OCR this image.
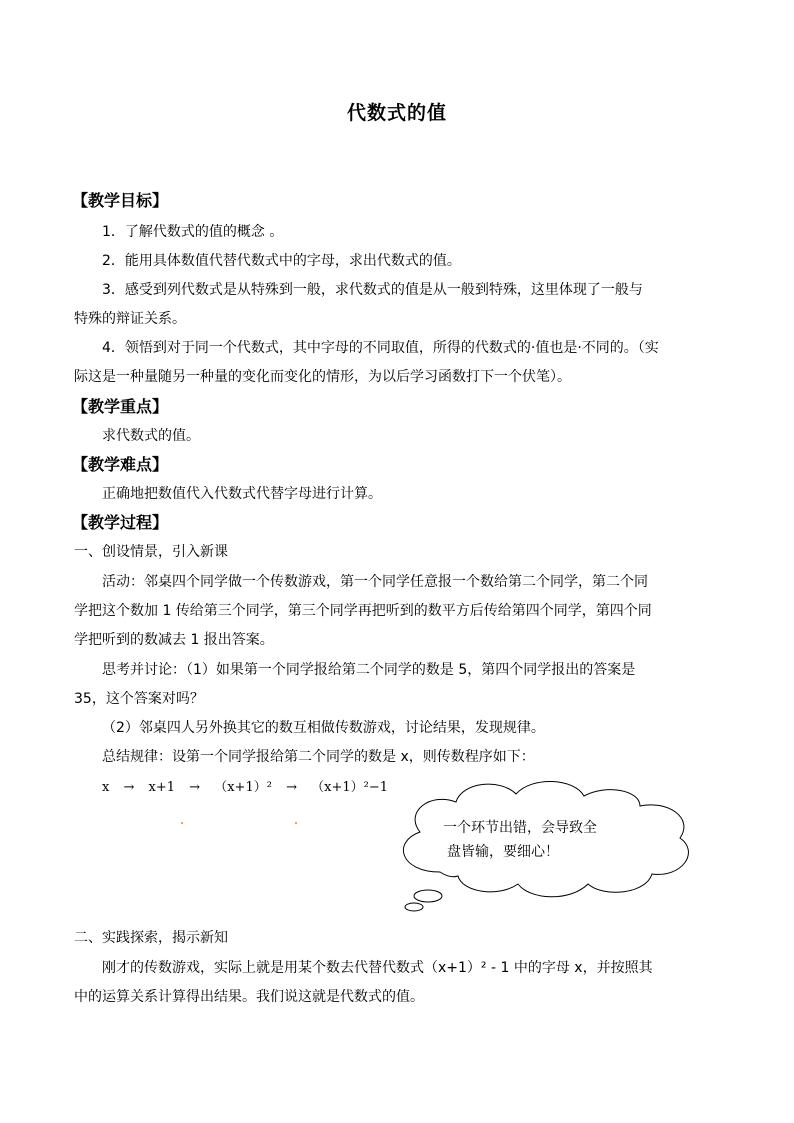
代数式的值
【教学目标】
1．了解代数式的值的概念 。
2．能用具体数值代替代数式中的字母，求出代数式的值。
3．感受到列代数式是从特殊到一般，求代数式的值是从一般到特殊，这里体现了一般与
特殊的辩证关系。
4．领悟到对于同一个代数式，其中字母的不同取值，所得的代数式的·值也是·不同的。（实
际这是一种量随另一种量的变化而变化的情形，为以后学习函数打下一个伏笔）。
【教学重点】
求代数式的值。
【教学难点】
正确地把数值代入代数式代替字母进行计算。
【教学过程】
一、创设情景，引入新课
活动：邻桌四个同学做一个传数游戏，第一个同学任意报一个数给第二个同学，第二个同
学把这个数加 1 传给第三个同学，第三个同学再把听到的数平方后传给第四个同学，第四个同
学把听到的数减去 1 报出答案。
思考并讨论：（1）如果第一个同学报给第二个同学的数是 5，第四个同学报出的答案是
35，这个答案对吗？
（2）邻桌四人另外换其它的数互相做传数游戏，讨论结果，发现规律。
总结规律：设第一个同学报给第二个同学的数是 x，则传数程序如下：
x → x+1 → （x+1）² → （x+1）²−1
一个环节出错，会导致全
盘皆输，要细心！
二、实践探索，揭示新知
刚才的传数游戏，实际上就是用某个数去代替代数式（x+1）² - 1 中的字母 x，并按照其
中的运算关系计算得出结果。我们说这就是代数式的值。
